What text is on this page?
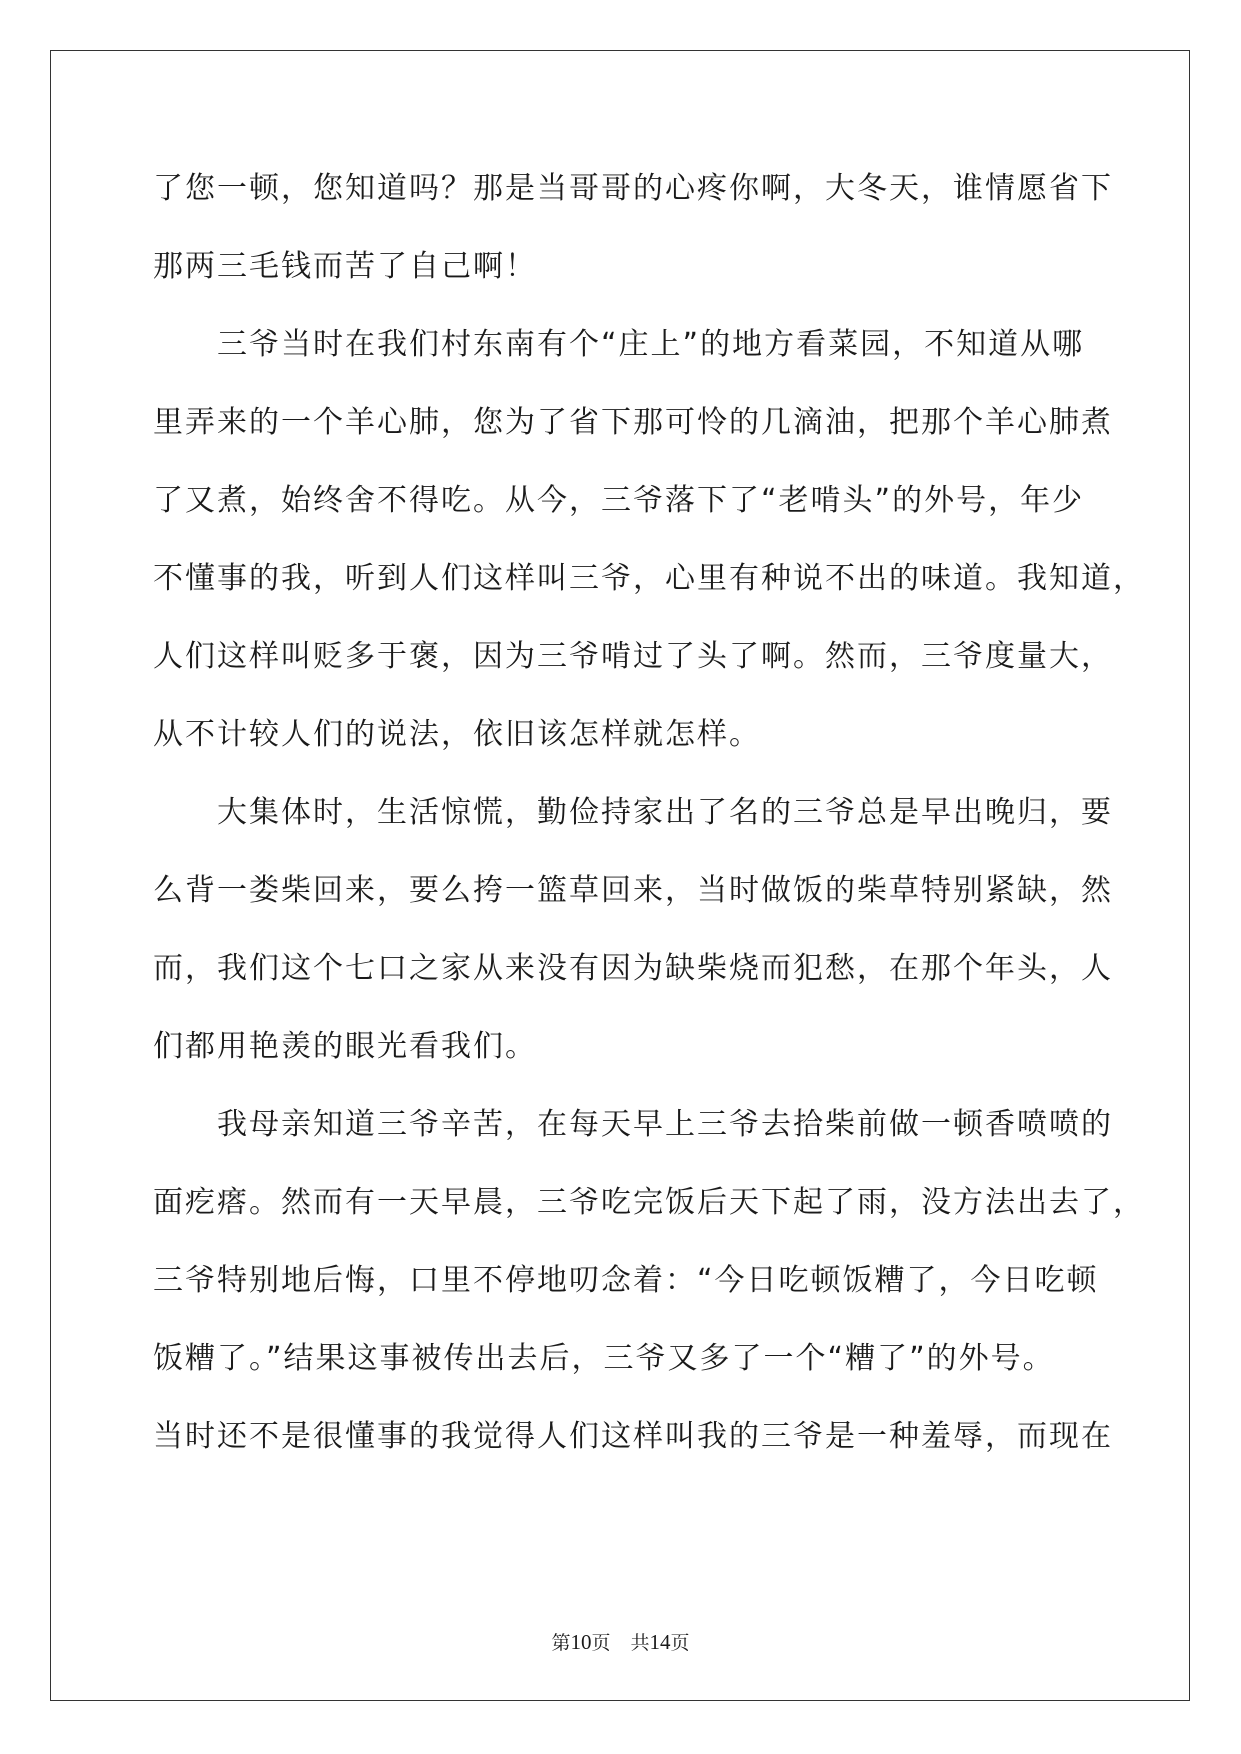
了您一顿，您知道吗？那是当哥哥的心疼你啊，大冬天，谁情愿省下
那两三毛钱而苦了自己啊！
　　三爷当时在我们村东南有个“庄上”的地方看菜园，不知道从哪
里弄来的一个羊心肺，您为了省下那可怜的几滴油，把那个羊心肺煮
了又煮，始终舍不得吃。从今，三爷落下了“老啃头”的外号，年少
不懂事的我，听到人们这样叫三爷，心里有种说不出的味道。我知道，
人们这样叫贬多于褒，因为三爷啃过了头了啊。然而，三爷度量大，
从不计较人们的说法，依旧该怎样就怎样。
　　大集体时，生活惊慌，勤俭持家出了名的三爷总是早出晚归，要
么背一娄柴回来，要么挎一篮草回来，当时做饭的柴草特别紧缺，然
而，我们这个七口之家从来没有因为缺柴烧而犯愁，在那个年头，人
们都用艳羡的眼光看我们。
　　我母亲知道三爷辛苦，在每天早上三爷去拾柴前做一顿香喷喷的
面疙瘩。然而有一天早晨，三爷吃完饭后天下起了雨，没方法出去了，
三爷特别地后悔，口里不停地叨念着：“今日吃顿饭糟了，今日吃顿
饭糟了。”结果这事被传出去后，三爷又多了一个“糟了”的外号。
当时还不是很懂事的我觉得人们这样叫我的三爷是一种羞辱，而现在
第10页 共14页
